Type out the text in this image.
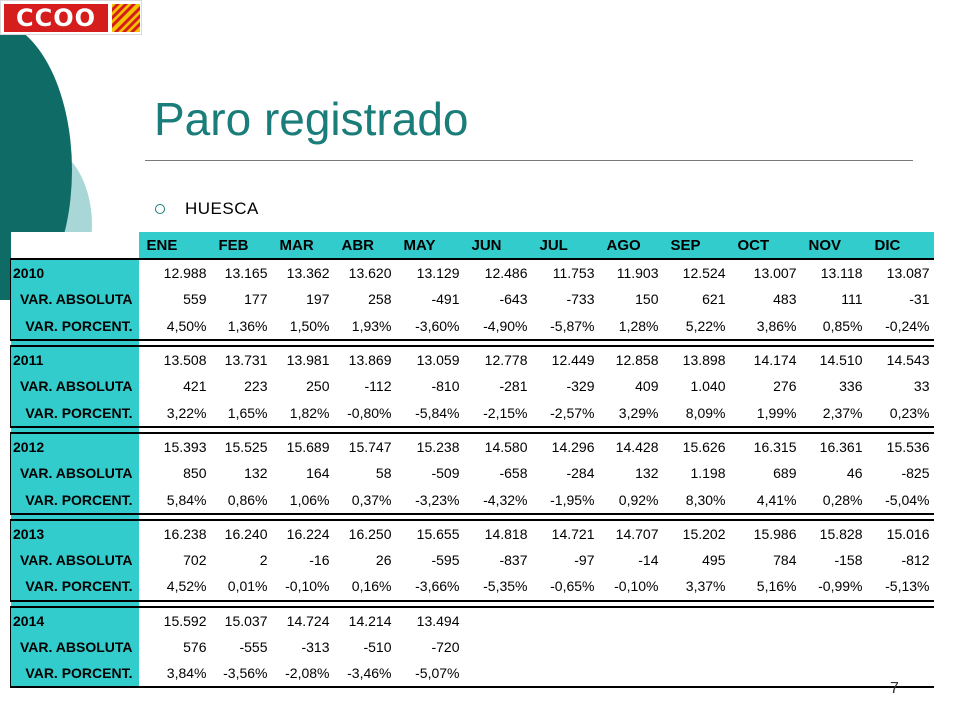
CCOO
Paro registrado
HUESCA
	ENE	FEB	MAR	ABR	MAY	JUN	JUL	AGO	SEP	OCT	NOV	DIC
2010	12.988	13.165	13.362	13.620	13.129	12.486	11.753	11.903	12.524	13.007	13.118	13.087
VAR. ABSOLUTA	559	177	197	258	-491	-643	-733	150	621	483	111	-31
VAR. PORCENT.	4,50%	1,36%	1,50%	1,93%	-3,60%	-4,90%	-5,87%	1,28%	5,22%	3,86%	0,85%	-0,24%

2011	13.508	13.731	13.981	13.869	13.059	12.778	12.449	12.858	13.898	14.174	14.510	14.543
VAR. ABSOLUTA	421	223	250	-112	-810	-281	-329	409	1.040	276	336	33
VAR. PORCENT.	3,22%	1,65%	1,82%	-0,80%	-5,84%	-2,15%	-2,57%	3,29%	8,09%	1,99%	2,37%	0,23%

2012	15.393	15.525	15.689	15.747	15.238	14.580	14.296	14.428	15.626	16.315	16.361	15.536
VAR. ABSOLUTA	850	132	164	58	-509	-658	-284	132	1.198	689	46	-825
VAR. PORCENT.	5,84%	0,86%	1,06%	0,37%	-3,23%	-4,32%	-1,95%	0,92%	8,30%	4,41%	0,28%	-5,04%

2013	16.238	16.240	16.224	16.250	15.655	14.818	14.721	14.707	15.202	15.986	15.828	15.016
VAR. ABSOLUTA	702	2	-16	26	-595	-837	-97	-14	495	784	-158	-812
VAR. PORCENT.	4,52%	0,01%	-0,10%	0,16%	-3,66%	-5,35%	-0,65%	-0,10%	3,37%	5,16%	-0,99%	-5,13%

2014	15.592	15.037	14.724	14.214	13.494							
VAR. ABSOLUTA	576	-555	-313	-510	-720							
VAR. PORCENT.	3,84%	-3,56%	-2,08%	-3,46%	-5,07%							
7
